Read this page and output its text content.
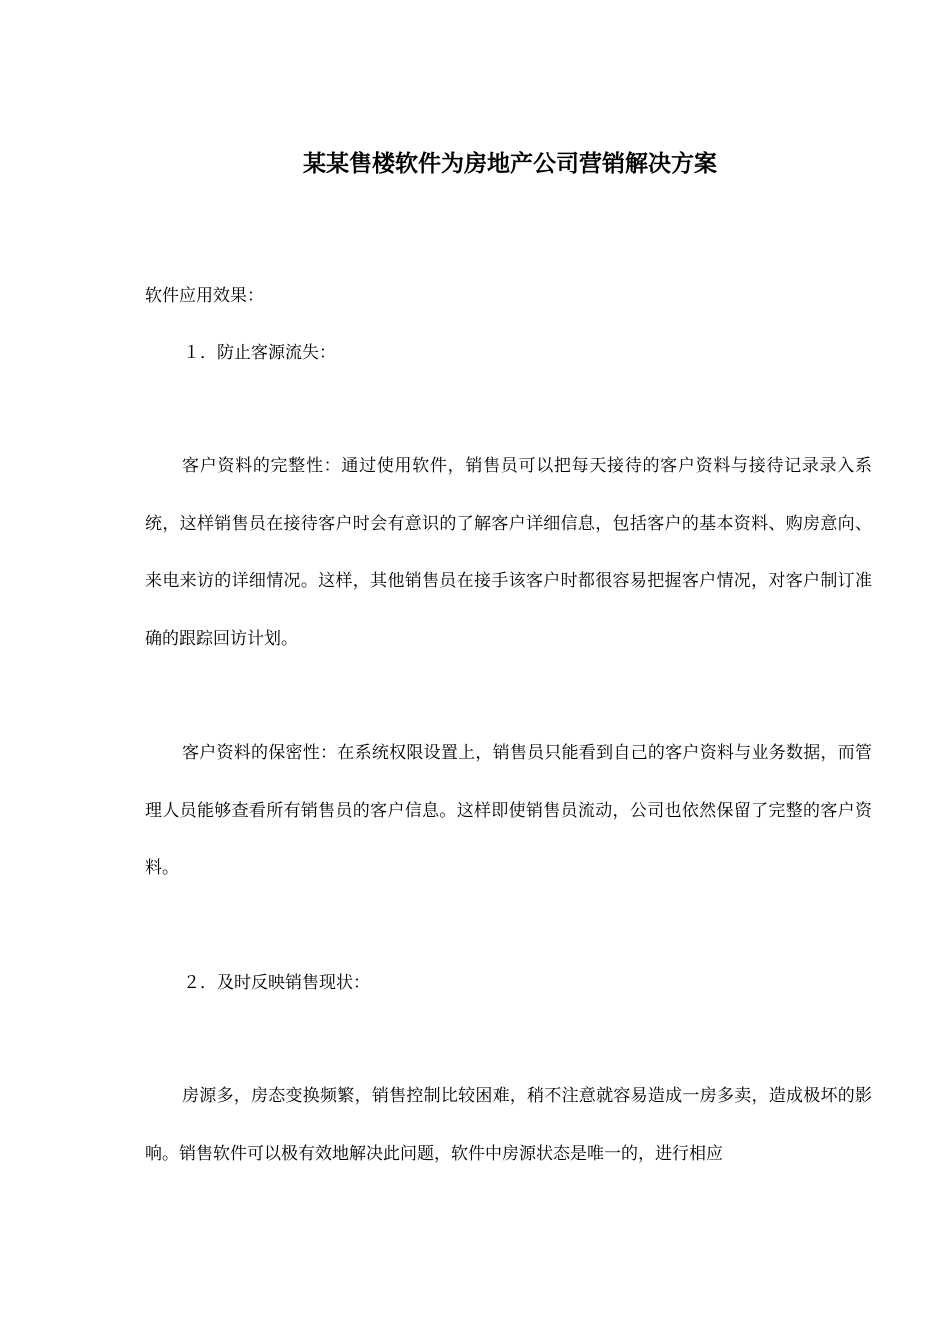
某某售楼软件为房地产公司营销解决方案
软件应用效果：
１．防止客源流失：
客户资料的完整性：通过使用软件，销售员可以把每天接待的客户资料与接待记录录入系统，这样销售员在接待客户时会有意识的了解客户详细信息，包括客户的基本资料、购房意向、来电来访的详细情况。这样，其他销售员在接手该客户时都很容易把握客户情况，对客户制订准确的跟踪回访计划。
客户资料的保密性：在系统权限设置上，销售员只能看到自己的客户资料与业务数据，而管理人员能够查看所有销售员的客户信息。这样即使销售员流动，公司也依然保留了完整的客户资料。
２．及时反映销售现状：
房源多，房态变换频繁，销售控制比较困难，稍不注意就容易造成一房多卖，造成极坏的影响。销售软件可以极有效地解决此问题，软件中房源状态是唯一的，进行相应
